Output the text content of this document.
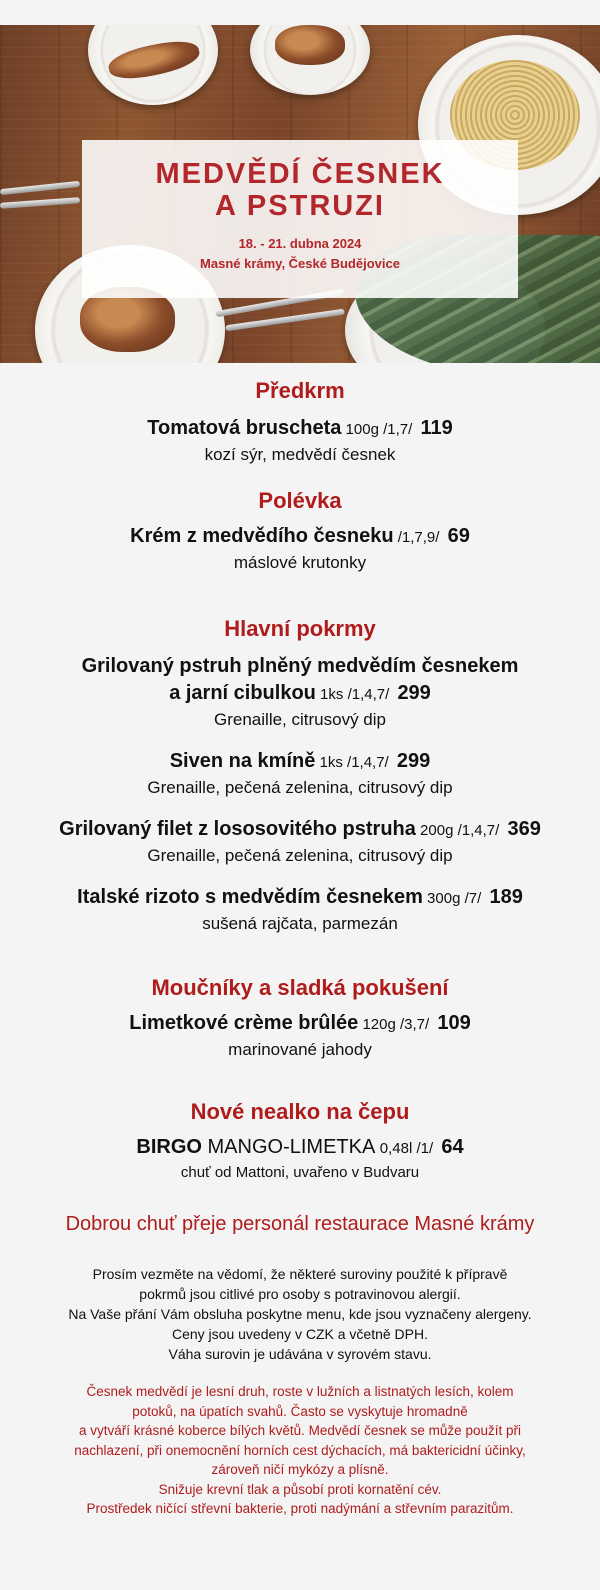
MEDVĚDÍ ČESNEK
A PSTRUZI
18. - 21. dubna 2024
Masné krámy, České Budějovice
Předkrm
Tomatová bruscheta 100g /1,7/ 119
kozí sýr, medvědí česnek
Polévka
Krém z medvědího česneku /1,7,9/ 69
máslové krutonky
Hlavní pokrmy
Grilovaný pstruh plněný medvědím česnekem
a jarní cibulkou 1ks /1,4,7/ 299
Grenaille, citrusový dip
Siven na kmíně 1ks /1,4,7/ 299
Grenaille, pečená zelenina, citrusový dip
Grilovaný filet z lososovitého pstruha 200g /1,4,7/ 369
Grenaille, pečená zelenina, citrusový dip
Italské rizoto s medvědím česnekem 300g /7/ 189
sušená rajčata, parmezán
Moučníky a sladká pokušení
Limetkové crème brûlée 120g /3,7/ 109
marinované jahody
Nové nealko na čepu
BIRGO MANGO-LIMETKA 0,48l /1/ 64
chuť od Mattoni, uvařeno v Budvaru
Dobrou chuť přeje personál restaurace Masné krámy
Prosím vezměte na vědomí, že některé suroviny použité k přípravě
pokrmů jsou citlivé pro osoby s potravinovou alergií.
Na Vaše přání Vám obsluha poskytne menu, kde jsou vyznačeny alergeny.
Ceny jsou uvedeny v CZK a včetně DPH.
Váha surovin je udávána v syrovém stavu.
Česnek medvědí je lesní druh, roste v lužních a listnatých lesích, kolem
potoků, na úpatích svahů. Často se vyskytuje hromadně
a vytváří krásné koberce bílých květů. Medvědí česnek se může použít při
nachlazení, při onemocnění horních cest dýchacích, má baktericidní účinky,
zároveň ničí mykózy a plísně.
Snižuje krevní tlak a působí proti kornatění cév.
Prostředek ničící střevní bakterie, proti nadýmání a střevním parazitům.
